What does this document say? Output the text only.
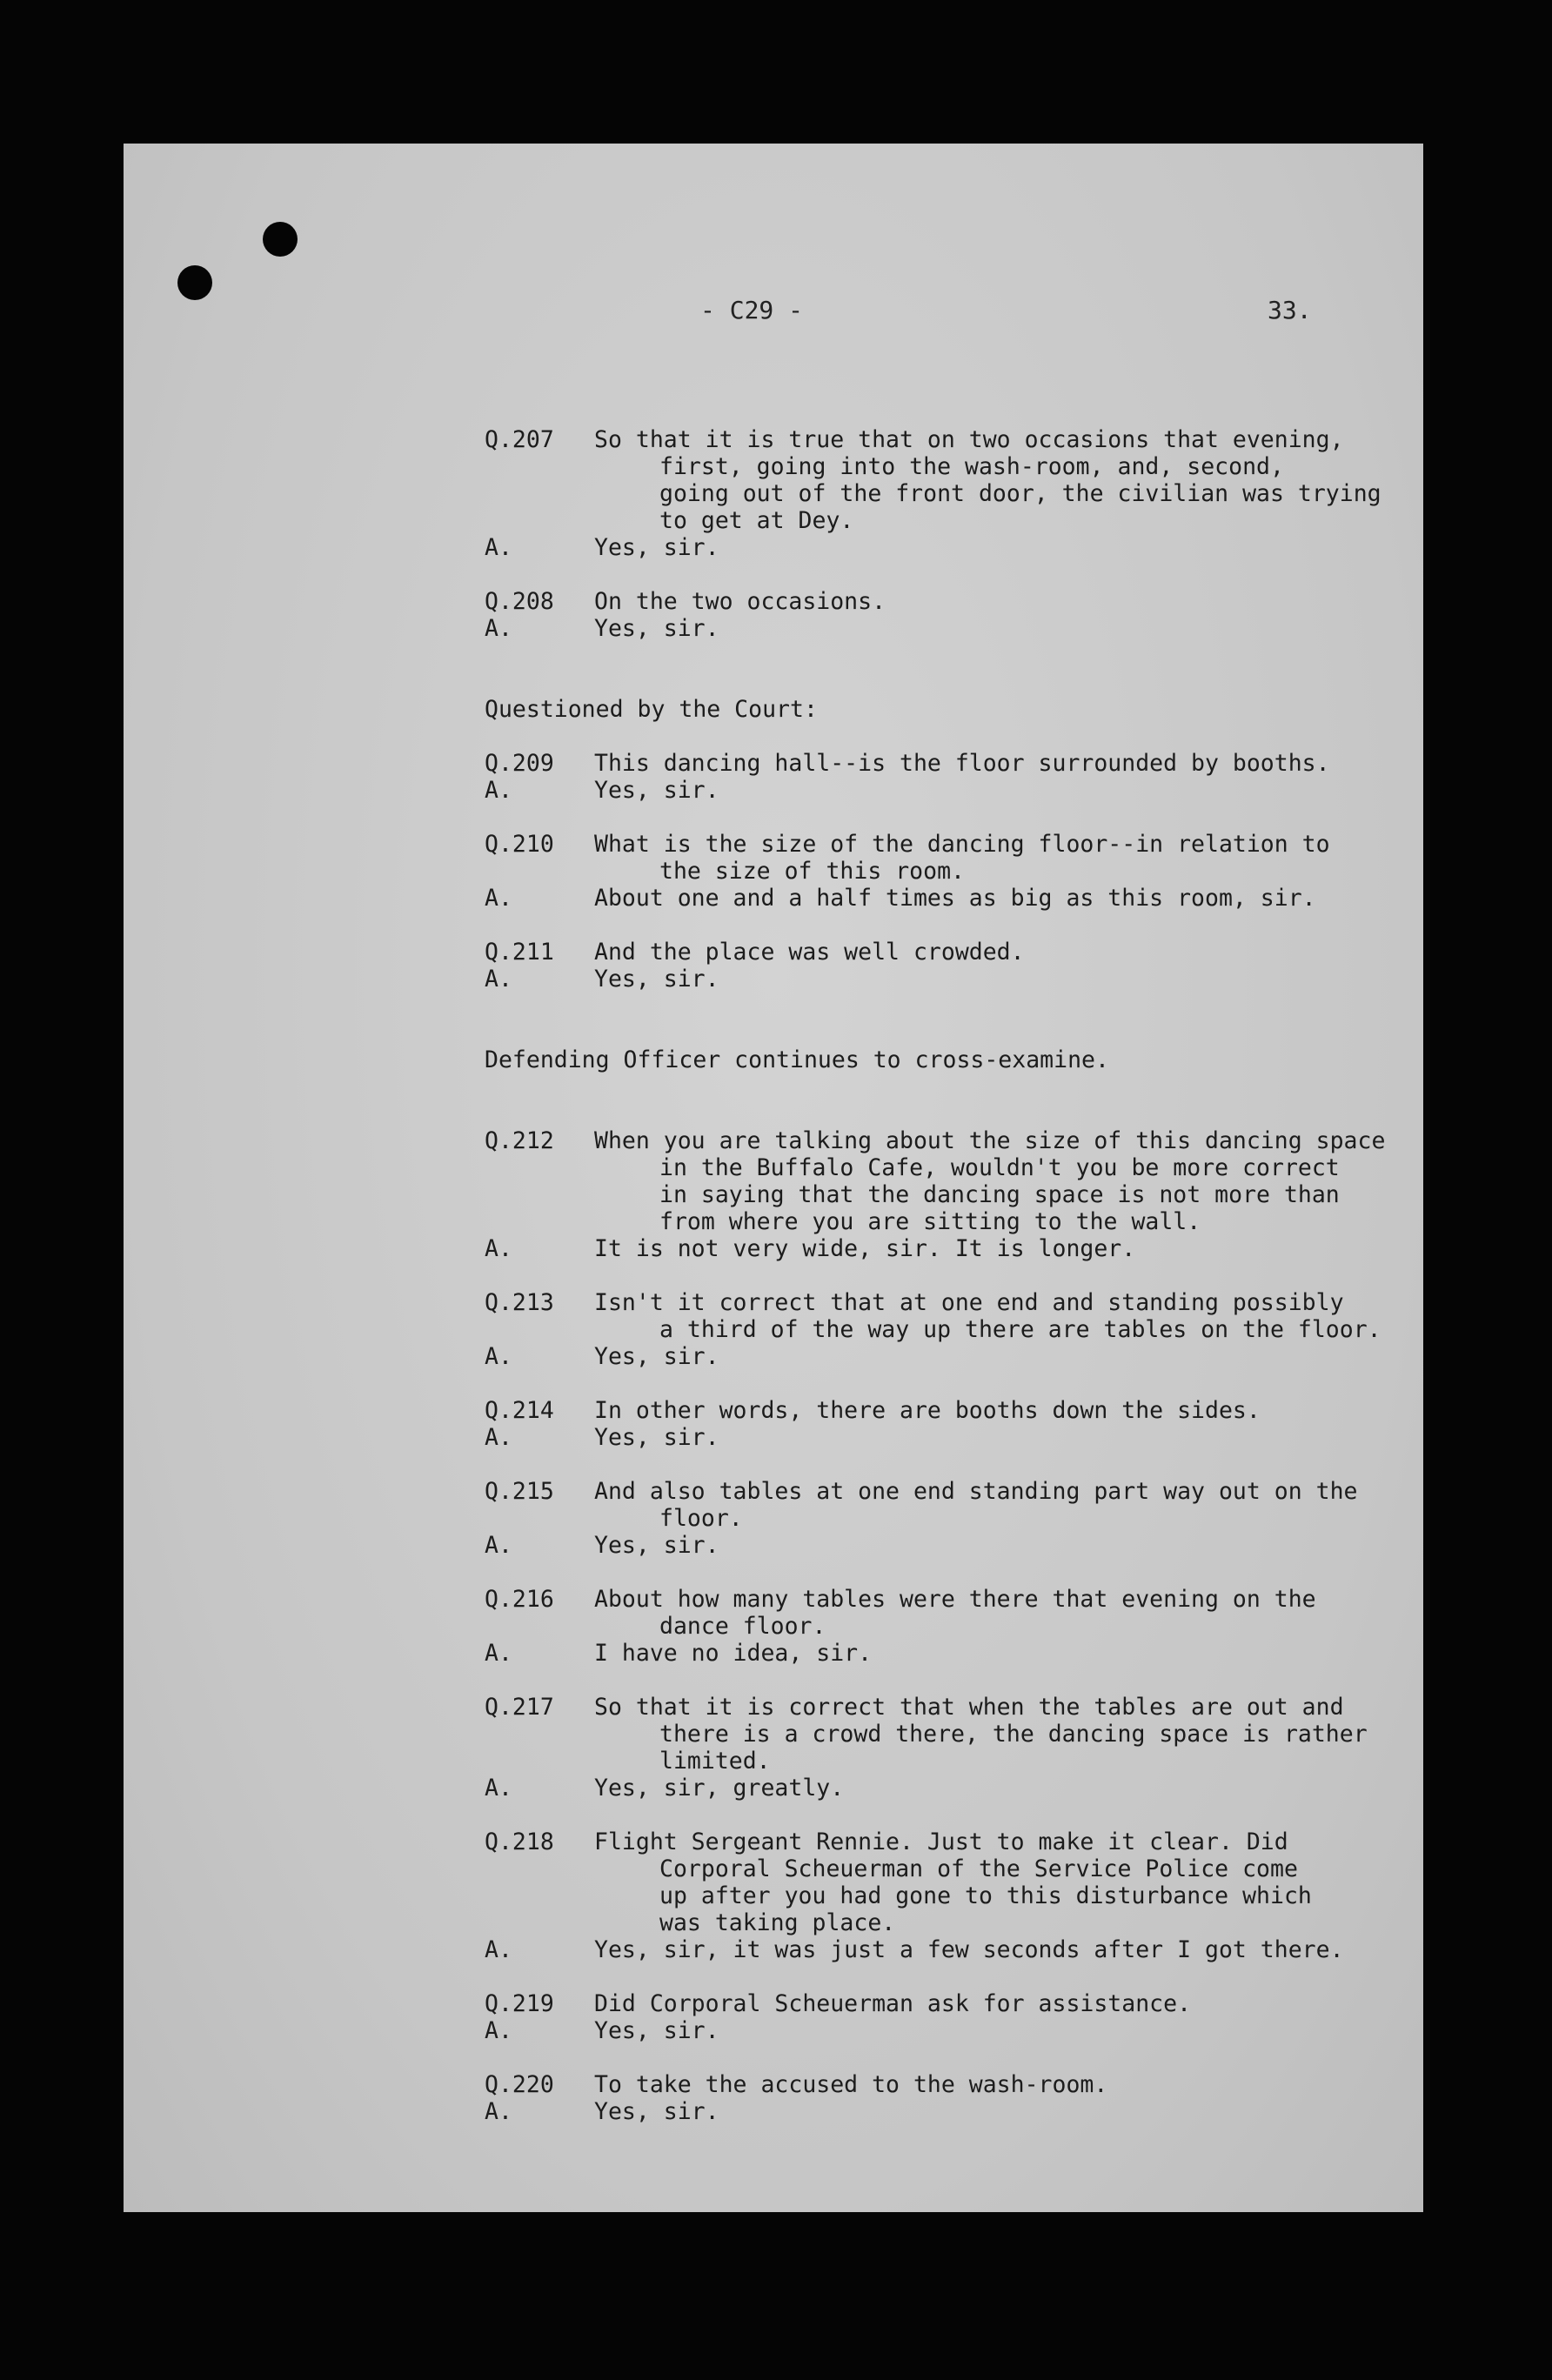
- C29 -	33.
Q.207	So that it is true that on two occasions that evening,
first, going into the wash-room, and, second,
going out of the front door, the civilian was trying
to get at Dey.
A.	Yes, sir.
Q.208	On the two occasions.
A.	Yes, sir.
Questioned by the Court:
Q.209	This dancing hall--is the floor surrounded by booths.
A.	Yes, sir.
Q.210	What is the size of the dancing floor--in relation to
the size of this room.
A.	About one and a half times as big as this room, sir.
Q.211	And the place was well crowded.
A.	Yes, sir.
Defending Officer continues to cross-examine.
Q.212	When you are talking about the size of this dancing space
in the Buffalo Cafe, wouldn't you be more correct
in saying that the dancing space is not more than
from where you are sitting to the wall.
A.	It is not very wide, sir. It is longer.
Q.213	Isn't it correct that at one end and standing possibly
a third of the way up there are tables on the floor.
A.	Yes, sir.
Q.214	In other words, there are booths down the sides.
A.	Yes, sir.
Q.215	And also tables at one end standing part way out on the
floor.
A.	Yes, sir.
Q.216	About how many tables were there that evening on the
dance floor.
A.	I have no idea, sir.
Q.217	So that it is correct that when the tables are out and
there is a crowd there, the dancing space is rather
limited.
A.	Yes, sir, greatly.
Q.218	Flight Sergeant Rennie. Just to make it clear. Did
Corporal Scheuerman of the Service Police come
up after you had gone to this disturbance which
was taking place.
A.	Yes, sir, it was just a few seconds after I got there.
Q.219	Did Corporal Scheuerman ask for assistance.
A.	Yes, sir.
Q.220	To take the accused to the wash-room.
A.	Yes, sir.
